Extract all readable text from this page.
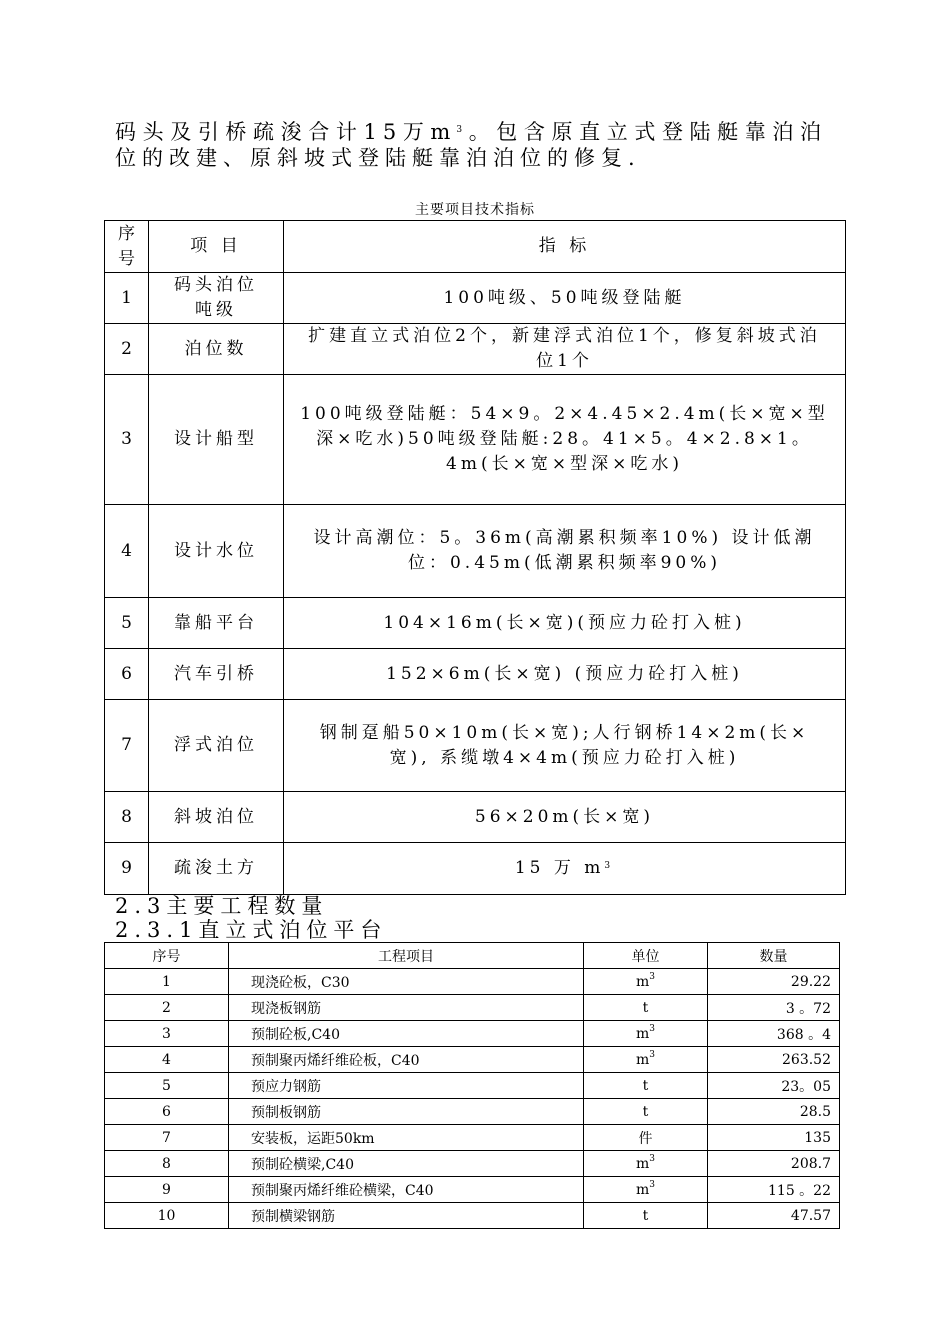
码头及引桥疏浚合计15万$m^3$。包含原直立式登陆艇靠泊泊位的改建、原斜坡式登陆艇靠泊泊位的修复.

主要项目技术指标
序号	项 目	指 标
1	码头泊位吨级	100吨级、50吨级登陆艇
2	泊位数	扩建直立式泊位2个，新建浮式泊位1个，修复斜坡式泊位1个
3	设计船型	100吨级登陆艇：54×9。2×4.45×2.4m(长×宽×型深×吃水)50吨级登陆艇:28。41×5。4×2.8×1。4m(长×宽×型深×吃水)
4	设计水位	设计高潮位：5。36m(高潮累积频率10%) 设计低潮位：0.45m(低潮累积频率90%)
5	靠船平台	104×16m(长×宽)(预应力砼打入桩)
6	汽车引桥	152×6m(长×宽) (预应力砼打入桩)
7	浮式泊位	钢制趸船50×10m(长×宽);人行钢桥14×2m(长×宽), 系缆墩4×4m(预应力砼打入桩)
8	斜坡泊位	56×20m(长×宽)
9	疏浚土方	15 万 $m^3$
2.3主要工程数量
2.3.1直立式泊位平台
序号	工程项目	单位	数量
1	现浇砼板，C30	$m^3$	29.22
2	现浇板钢筋	t	3 。72
3	预制砼板,C40	$m^3$	368 。4
4	预制聚丙烯纤维砼板，C40	$m^3$	263.52
5	预应力钢筋	t	23。05
6	预制板钢筋	t	28.5
7	安装板，运距50km	件	135
8	预制砼横梁,C40	$m^3$	208.7
9	预制聚丙烯纤维砼横梁，C40	$m^3$	115 。22
10	预制横梁钢筋	t	47.57
